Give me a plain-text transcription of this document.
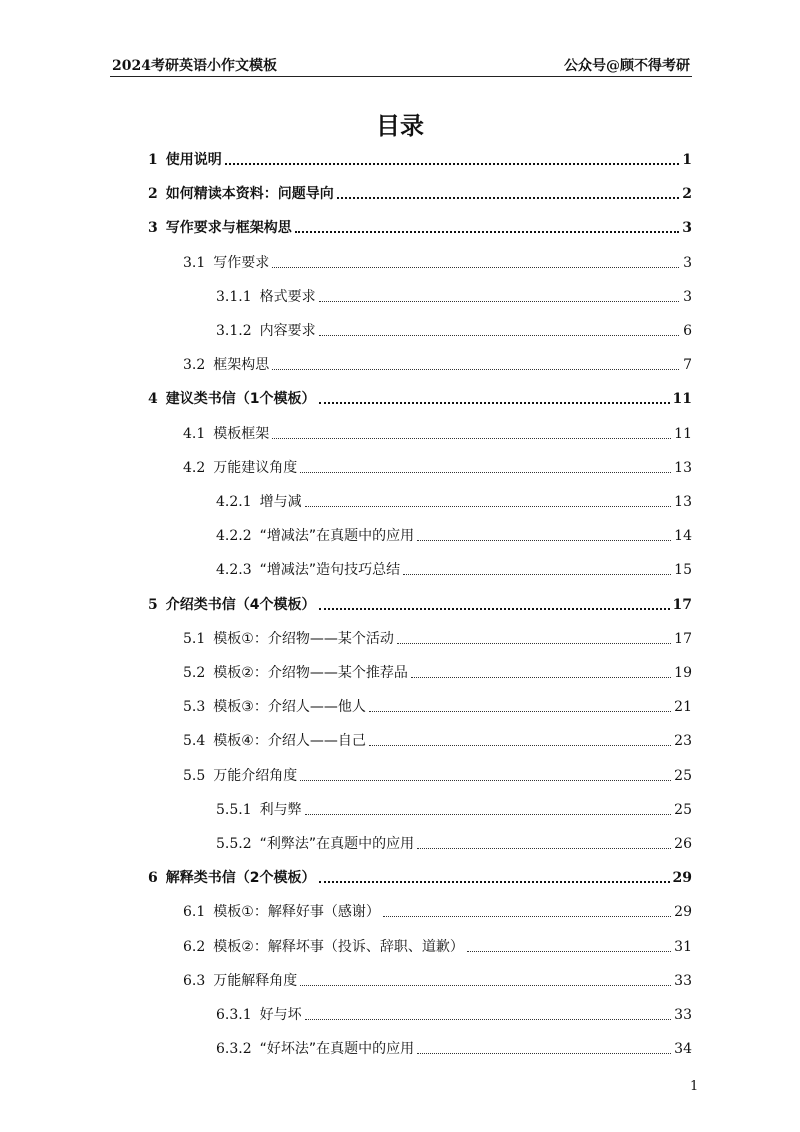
2024考研英语小作文模板	公众号@顾不得考研
目录
1 使用说明	1
2 如何精读本资料：问题导向	2
3 写作要求与框架构思	3
3.1 写作要求	3
3.1.1 格式要求	3
3.1.2 内容要求	6
3.2 框架构思	7
4 建议类书信（1个模板）	11
4.1 模板框架	11
4.2 万能建议角度	13
4.2.1 增与减	13
4.2.2 “增减法”在真题中的应用	14
4.2.3 “增减法”造句技巧总结	15
5 介绍类书信（4个模板）	17
5.1 模板①：介绍物——某个活动	17
5.2 模板②：介绍物——某个推荐品	19
5.3 模板③：介绍人——他人	21
5.4 模板④：介绍人——自己	23
5.5 万能介绍角度	25
5.5.1 利与弊	25
5.5.2 “利弊法”在真题中的应用	26
6 解释类书信（2个模板）	29
6.1 模板①：解释好事（感谢）	29
6.2 模板②：解释坏事（投诉、辞职、道歉）	31
6.3 万能解释角度	33
6.3.1 好与坏	33
6.3.2 “好坏法”在真题中的应用	34
1
